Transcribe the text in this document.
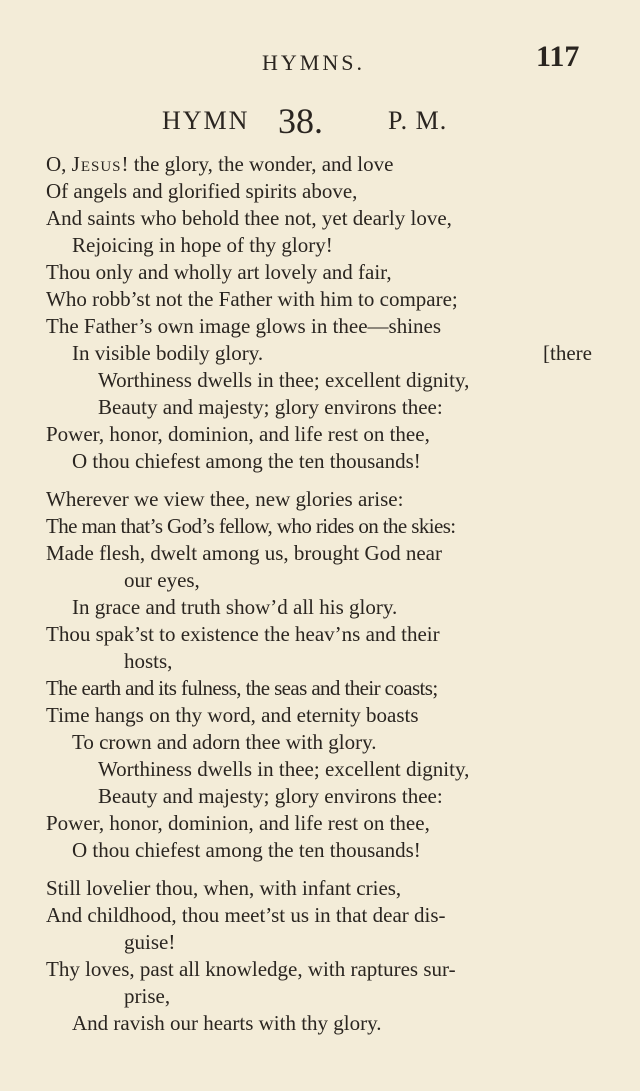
HYMNS.	117
HYMN 38.	P. M.
O, Jesus! the glory, the wonder, and love
Of angels and glorified spirits above,
And saints who behold thee not, yet dearly love,
Rejoicing in hope of thy glory!
Thou only and wholly art lovely and fair,
Who robb’st not the Father with him to compare;
The Father’s own image glows in thee—shines
In visible bodily glory.	[there
Worthiness dwells in thee; excellent dignity,
Beauty and majesty; glory environs thee:
Power, honor, dominion, and life rest on thee,
O thou chiefest among the ten thousands!
Wherever we view thee, new glories arise:
The man that’s God’s fellow, who rides on the skies:
Made flesh, dwelt among us, brought God near
our eyes,
In grace and truth show’d all his glory.
Thou spak’st to existence the heav’ns and their
hosts,
The earth and its fulness, the seas and their coasts;
Time hangs on thy word, and eternity boasts
To crown and adorn thee with glory.
Worthiness dwells in thee; excellent dignity,
Beauty and majesty; glory environs thee:
Power, honor, dominion, and life rest on thee,
O thou chiefest among the ten thousands!
Still lovelier thou, when, with infant cries,
And childhood, thou meet’st us in that dear dis-
guise!
Thy loves, past all knowledge, with raptures sur-
prise,
And ravish our hearts with thy glory.
